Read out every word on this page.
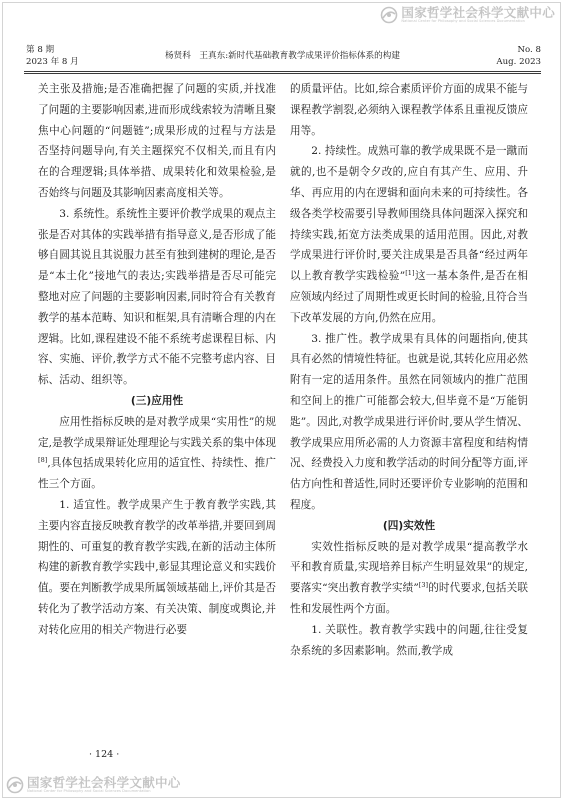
国家哲学社会科学文献中心
National Center for Philosophy and Social Sciences Documentation
第 8 期
2023 年 8 月
杨贤科　王真东:新时代基础教育教学成果评价指标体系的构建
No. 8
Aug. 2023

关主张及措施;是否准确把握了问题的实质,并找准了问题的主要影响因素,进而形成线索较为清晰且聚焦中心问题的“问题链”;成果形成的过程与方法是否坚持问题导向,有关主题探究不仅相关,而且有内在的合理逻辑;具体举措、成果转化和效果检验,是否始终与问题及其影响因素高度相关等。

3. 系统性。系统性主要评价教学成果的观点主张是否对其体的实践举措有指导意义,是否形成了能够自圆其说且其说服力甚至有独到建树的理论,是否是“本土化”接地气的表达;实践举措是否尽可能完整地对应了问题的主要影响因素,同时符合有关教育教学的基本范畴、知识和框架,具有清晰合理的内在逻辑。比如,课程建设不能不系统考虑课程目标、内容、实施、评价,教学方式不能不完整考虑内容、目标、活动、组织等。

(三)应用性

应用性指标反映的是对教学成果“实用性”的规定,是教学成果辩证处理理论与实践关系的集中体现[8],具体包括成果转化应用的适宜性、持续性、推广性三个方面。

1. 适宜性。教学成果产生于教育教学实践,其主要内容直接反映教育教学的改革举措,并要回到周期性的、可重复的教育教学实践,在新的活动主体所构建的新教育教学实践中,彰显其理论意义和实践价值。要在判断教学成果所属领域基础上,评价其是否转化为了教学活动方案、有关决策、制度或舆论,并对转化应用的相关产物进行必要

的质量评估。比如,综合素质评价方面的成果不能与课程教学割裂,必须纳入课程教学体系且重视反馈应用等。

2. 持续性。成熟可靠的教学成果既不是一蹴而就的,也不是朝令夕改的,应自有其产生、应用、升华、再应用的内在逻辑和面向未来的可持续性。各级各类学校需要引导教师围绕具体问题深入探究和持续实践,拓宽方法类成果的适用范围。因此,对教学成果进行评价时,要关注成果是否具备“经过两年以上教育教学实践检验”[1]这一基本条件,是否在相应领域内经过了周期性或更长时间的检验,且符合当下改革发展的方向,仍然在应用。

3. 推广性。教学成果有具体的问题指向,使其具有必然的情境性特征。也就是说,其转化应用必然附有一定的适用条件。虽然在同领域内的推广范围和空间上的推广可能都会较大,但毕竟不是“万能钥匙”。因此,对教学成果进行评价时,要从学生情况、教学成果应用所必需的人力资源丰富程度和结构情况、经费投入力度和教学活动的时间分配等方面,评估方向性和普适性,同时还要评价专业影响的范围和程度。

(四)实效性

实效性指标反映的是对教学成果“提高教学水平和教育质量,实现培养目标产生明显效果”的规定,要落实“突出教育教学实绩”[3]的时代要求,包括关联性和发展性两个方面。

1. 关联性。教育教学实践中的问题,往往受复杂系统的多因素影响。然而,教学成

· 124 ·
国家哲学社会科学文献中心
National Center for Philosophy and Social Sciences Documentation
